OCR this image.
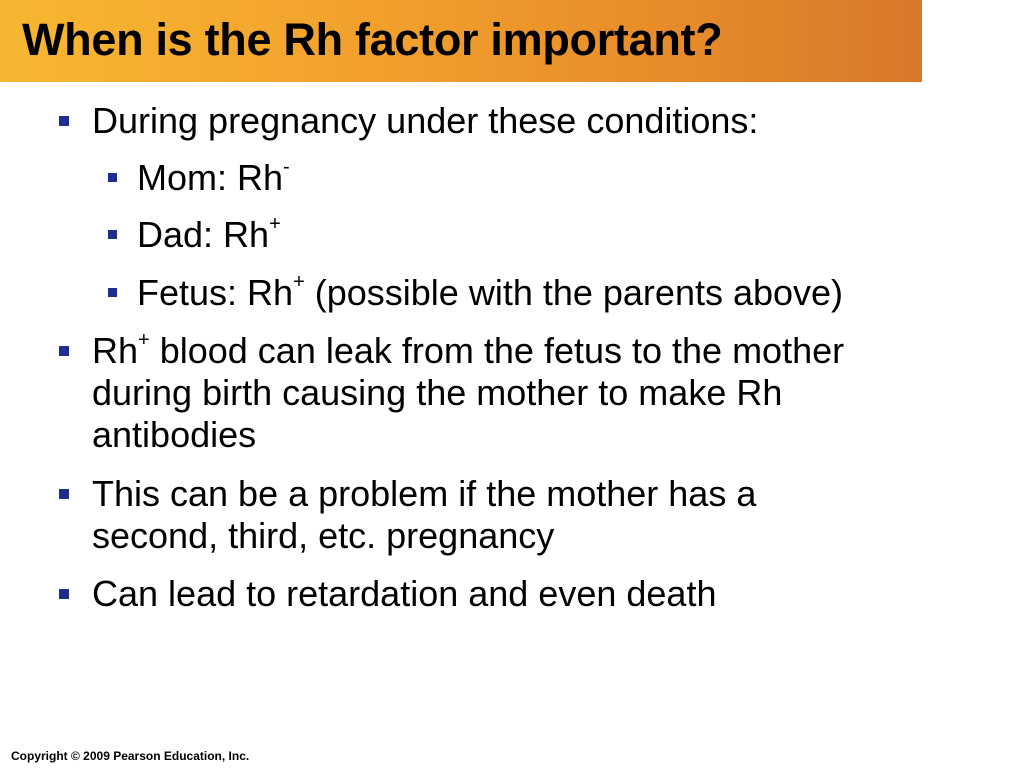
When is the Rh factor important?
During pregnancy under these conditions:
Mom: Rh-
Dad: Rh+
Fetus: Rh+ (possible with the parents above)
Rh+ blood can leak from the fetus to the mother
during birth causing the mother to make Rh
antibodies
This can be a problem if the mother has a
second, third, etc. pregnancy
Can lead to retardation and even death
Copyright © 2009 Pearson Education, Inc.
